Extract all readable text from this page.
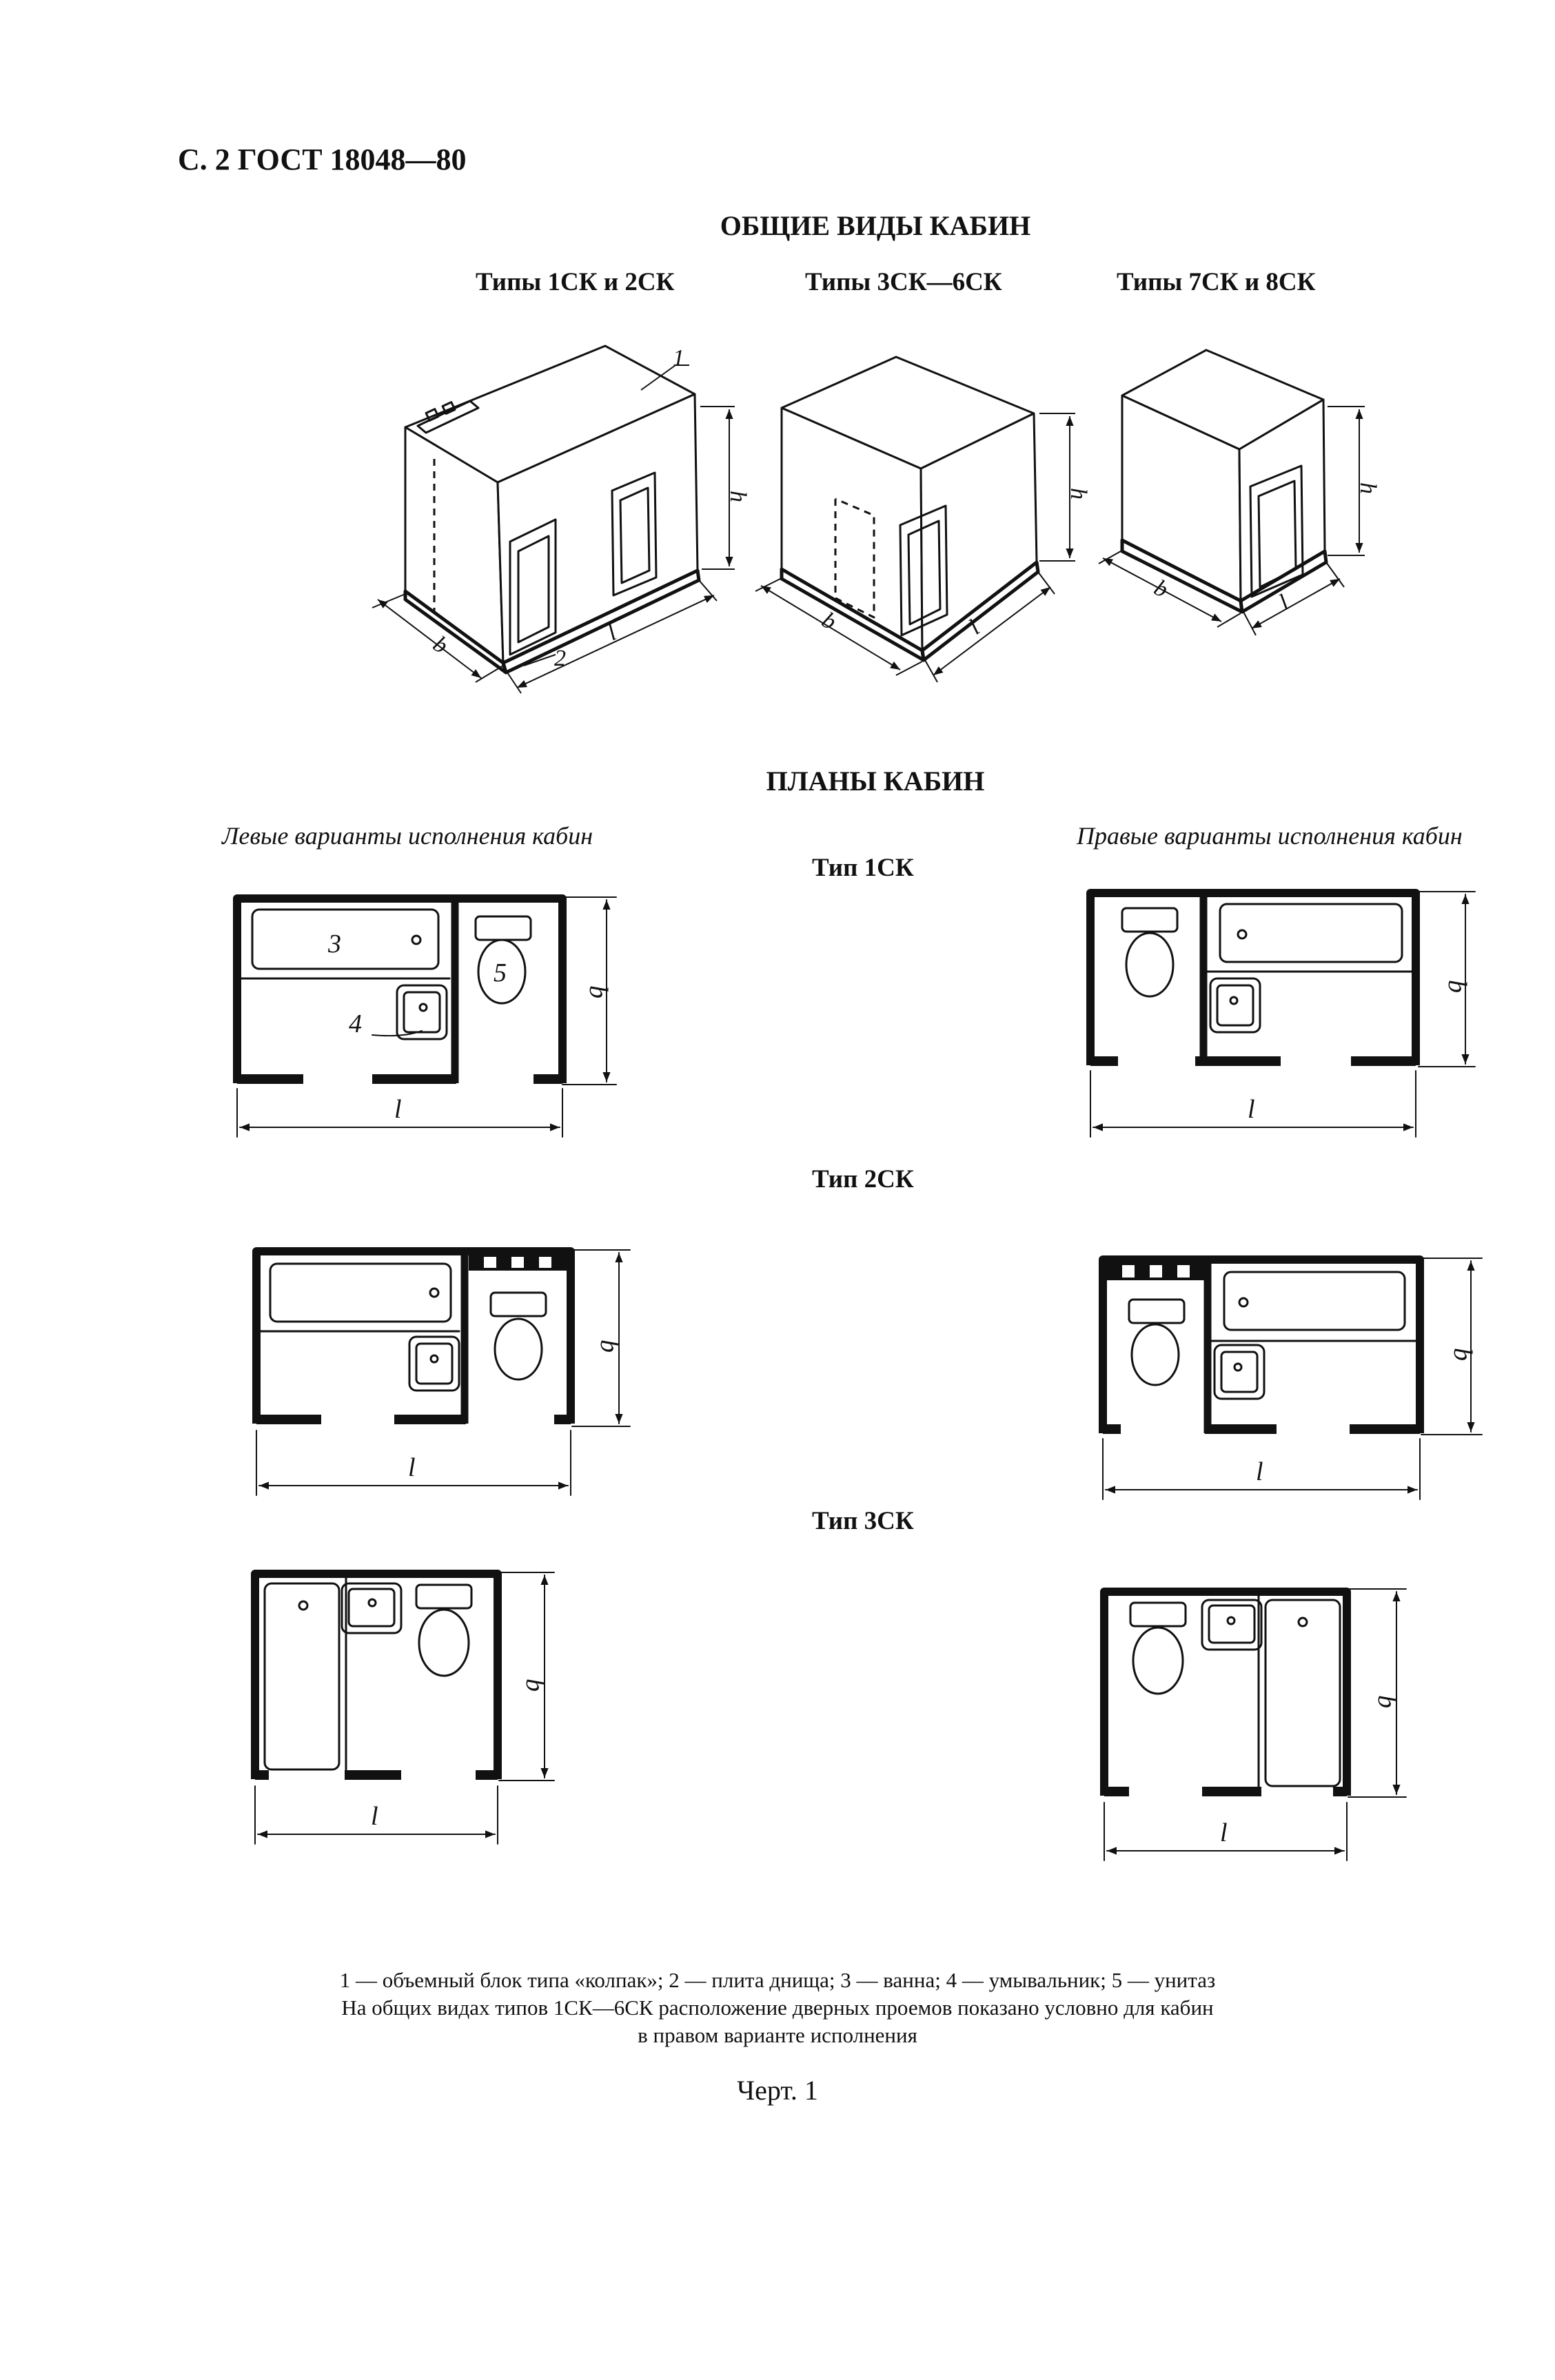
С. 2 ГОСТ 18048—80
ОБЩИЕ ВИДЫ КАБИН
Типы 1СК и 2СК	Типы 3СК—6СК	Типы 7СК и 8СК
ПЛАНЫ КАБИН
Левые варианты исполнения кабин	Правые варианты исполнения кабин
Тип 1СК
Тип 2СК
Тип 3СК
1 — объемный блок типа «колпак»; 2 — плита днища; 3 — ванна; 4 — умывальник; 5 — унитаз
На общих видах типов 1СК—6СК расположение дверных проемов показано условно для кабин
в правом варианте исполнения
Черт. 1
1
2
h
b	l
h
b	l
h
b	l
3
4
5
l
b
l
b
l
b
l
b
l
b
l
b
